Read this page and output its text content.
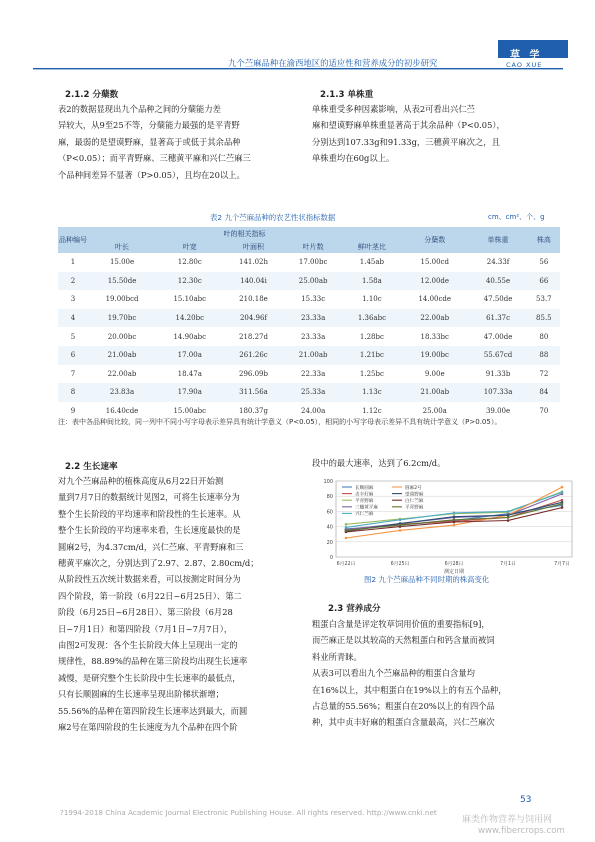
草 学
CAO XUE
九个苎麻品种在渝西地区的适应性和营养成分的初步研究
2.1.2 分蘖数
表2的数据显现出九个品种之间的分蘖能力差
异较大，从9至25不等，分蘖能力最强的是平青野
麻，最弱的是望谟野麻，显著高于或低于其余品种
（P<0.05）；而平青野麻、三穗黄平麻和兴仁苎麻三
个品种间差异不显著（P>0.05），且均在20以上。
2.1.3 单株重
单株重受多种因素影响，从表2可看出兴仁苎
麻和望谟野麻单株重显著高于其余品种（P<0.05），
分别达到107.33g和91.33g，三穗黄平麻次之，且
单株重均在60g以上。
表2 九个苎麻品种的农艺性状指标数据	cm、cm²、个、g
品种编号	叶的相关指标					分蘖数	单株重	株高
	叶长	叶宽	叶面积	叶片数	鲜叶茎比			
1	15.00e	12.80c	141.02h	17.00bc	1.45ab	15.00cd	24.33f	56
2	15.50de	12.30c	140.04i	25.00ab	1.58a	12.00de	40.55e	66
3	19.00bcd	15.10abc	210.18e	15.33c	1.10c	14.00cde	47.50de	53.7
4	19.70bc	14.20bc	204.96f	23.33a	1.36abc	22.00ab	61.37c	85.5
5	20.00bc	14.90abc	218.27d	23.33a	1.28bc	18.33bc	47.00de	80
6	21.00ab	17.00a	261.26c	21.00ab	1.21bc	19.00bc	55.67cd	88
7	22.00ab	18.47a	296.09b	22.33a	1.25bc	9.00e	91.33b	72
8	23.83a	17.90a	311.56a	25.33a	1.13c	21.00ab	107.33a	84
9	16.40cde	15.00abc	180.37g	24.00a	1.12c	25.00a	39.00e	70
注：表中各品种间比较，同一列中不同小写字母表示差异具有统计学意义（P<0.05），相同的小写字母表示差异不具有统计学意义（P>0.05）。
2.2 生长速率
对九个苎麻品种的植株高度从6月22日开始测
量到7月7日的数据统计见图2，可将生长速率分为
整个生长阶段的平均速率和阶段性的生长速率。从
整个生长阶段的平均速率来看，生长速度最快的是
圆麻2号，为4.37cm/d，兴仁苎麻、平青野麻和三
穗黄平麻次之，分别达到了2.97、2.87、2.80cm/d；
从阶段性五次统计数据来看，可以按测定时间分为
四个阶段，第一阶段（6月22日~6月25日）、第二
阶段（6月25日~6月28日）、第三阶段（6月28
日~7月1日）和第四阶段（7月1日~7月7日），
由图2可发现：各个生长阶段大体上呈现出一定的
规律性，88.89%的品种在第三阶段均出现生长速率
减慢，是研究整个生长阶段中生长速率的最低点，
只有长顺圆麻的生长速率呈现出阶梯状渐增；
55.56%的品种在第四阶段生长速率达到最大，而圆
麻2号在第四阶段的生长速度为九个品种在四个阶
段中的最大速率，达到了6.2cm/d。
0
20
40
60
80
100
6月22日	6月25日	6月28日	7月1日	7月7日
测定日期
长顺圆麻
贞丰好麻
平青野麻
三穗黄平麻
兴仁苎麻
圆麻2号
望谟野麻
白仁苎麻
平青野麻
图2 九个苎麻品种不同时期的株高变化
2.3 营养成分
粗蛋白含量是评定牧草饲用价值的重要指标[9]，
而苎麻正是以其较高的天然粗蛋白和钙含量而被饲
料业所青睐。
从表3可以看出九个苎麻品种的粗蛋白含量均
在16%以上，其中粗蛋白在19%以上的有五个品种，
占总量的55.56%；粗蛋白在20%以上的有四个品
种，其中贞丰好麻的粗蛋白含量最高，兴仁苎麻次
53
?1994-2018 China Academic Journal Electronic Publishing House. All rights reserved. http://www.cnki.net
麻类作物营养与饲用网
www.fibercrops.com
